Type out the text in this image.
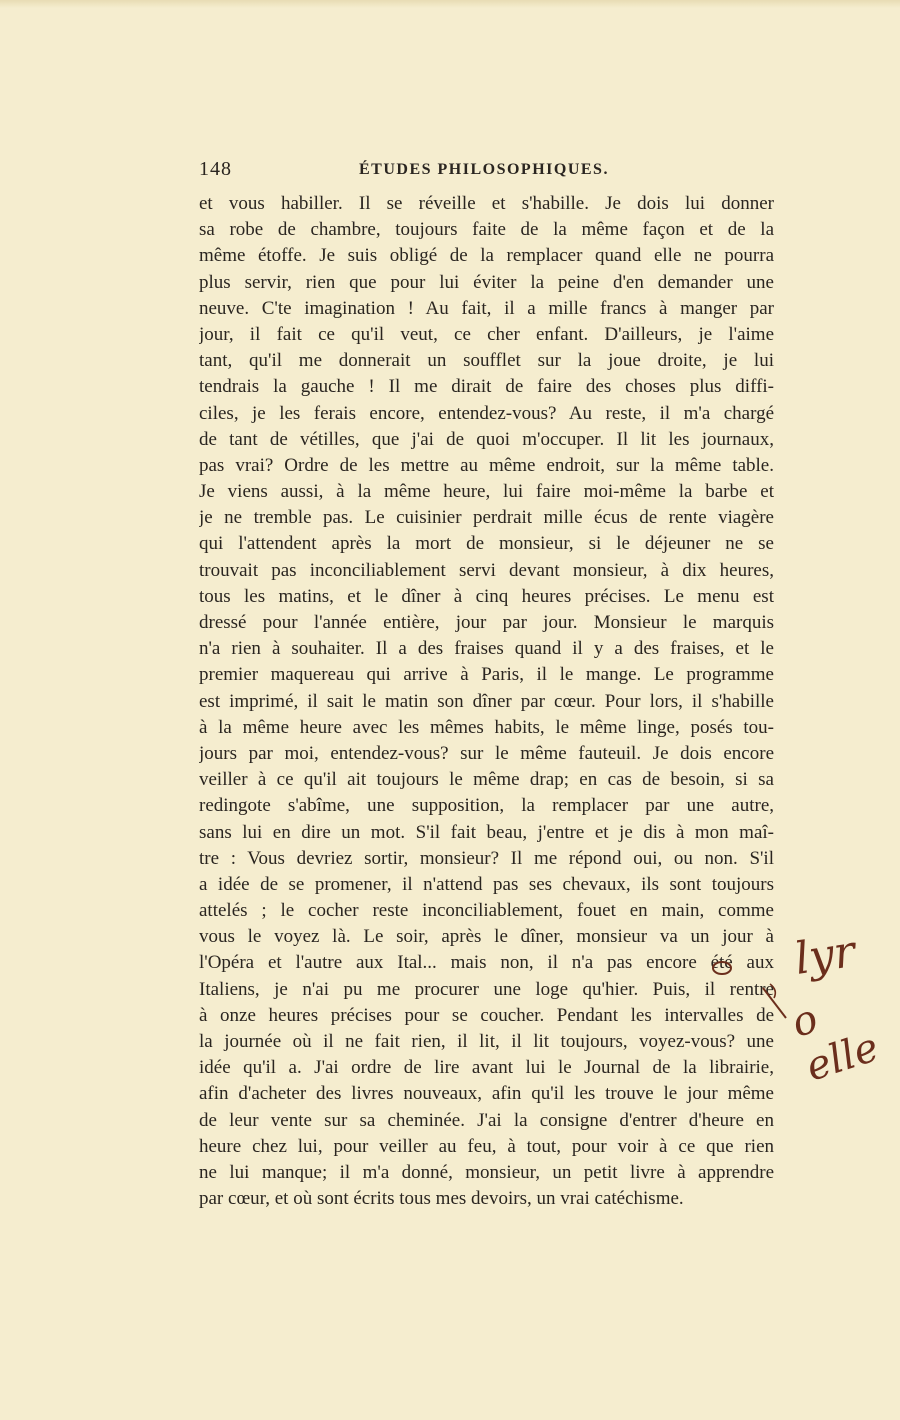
148	ÉTUDES PHILOSOPHIQUES.
et vous habiller. Il se réveille et s'habille. Je dois lui donner
sa robe de chambre, toujours faite de la même façon et de la
même étoffe. Je suis obligé de la remplacer quand elle ne pourra
plus servir, rien que pour lui éviter la peine d'en demander une
neuve. C'te imagination ! Au fait, il a mille francs à manger par
jour, il fait ce qu'il veut, ce cher enfant. D'ailleurs, je l'aime
tant, qu'il me donnerait un soufflet sur la joue droite, je lui
tendrais la gauche ! Il me dirait de faire des choses plus diffi-
ciles, je les ferais encore, entendez-vous? Au reste, il m'a chargé
de tant de vétilles, que j'ai de quoi m'occuper. Il lit les journaux,
pas vrai? Ordre de les mettre au même endroit, sur la même table.
Je viens aussi, à la même heure, lui faire moi-même la barbe et
je ne tremble pas. Le cuisinier perdrait mille écus de rente viagère
qui l'attendent après la mort de monsieur, si le déjeuner ne se
trouvait pas inconciliablement servi devant monsieur, à dix heures,
tous les matins, et le dîner à cinq heures précises. Le menu est
dressé pour l'année entière, jour par jour. Monsieur le marquis
n'a rien à souhaiter. Il a des fraises quand il y a des fraises, et le
premier maquereau qui arrive à Paris, il le mange. Le programme
est imprimé, il sait le matin son dîner par cœur. Pour lors, il s'habille
à la même heure avec les mêmes habits, le même linge, posés tou-
jours par moi, entendez-vous? sur le même fauteuil. Je dois encore
veiller à ce qu'il ait toujours le même drap; en cas de besoin, si sa
redingote s'abîme, une supposition, la remplacer par une autre,
sans lui en dire un mot. S'il fait beau, j'entre et je dis à mon maî-
tre : Vous devriez sortir, monsieur? Il me répond oui, ou non. S'il
a idée de se promener, il n'attend pas ses chevaux, ils sont toujours
attelés ; le cocher reste inconciliablement, fouet en main, comme
vous le voyez là. Le soir, après le dîner, monsieur va un jour à
l'Opéra et l'autre aux Ital... mais non, il n'a pas encore été aux
Italiens, je n'ai pu me procurer une loge qu'hier. Puis, il rentre
à onze heures précises pour se coucher. Pendant les intervalles de
la journée où il ne fait rien, il lit, il lit toujours, voyez-vous? une
idée qu'il a. J'ai ordre de lire avant lui le Journal de la librairie,
afin d'acheter des livres nouveaux, afin qu'il les trouve le jour même
de leur vente sur sa cheminée. J'ai la consigne d'entrer d'heure en
heure chez lui, pour veiller au feu, à tout, pour voir à ce que rien
ne lui manque; il m'a donné, monsieur, un petit livre à apprendre
par cœur, et où sont écrits tous mes devoirs, un vrai catéchisme.

lyr
o elle
